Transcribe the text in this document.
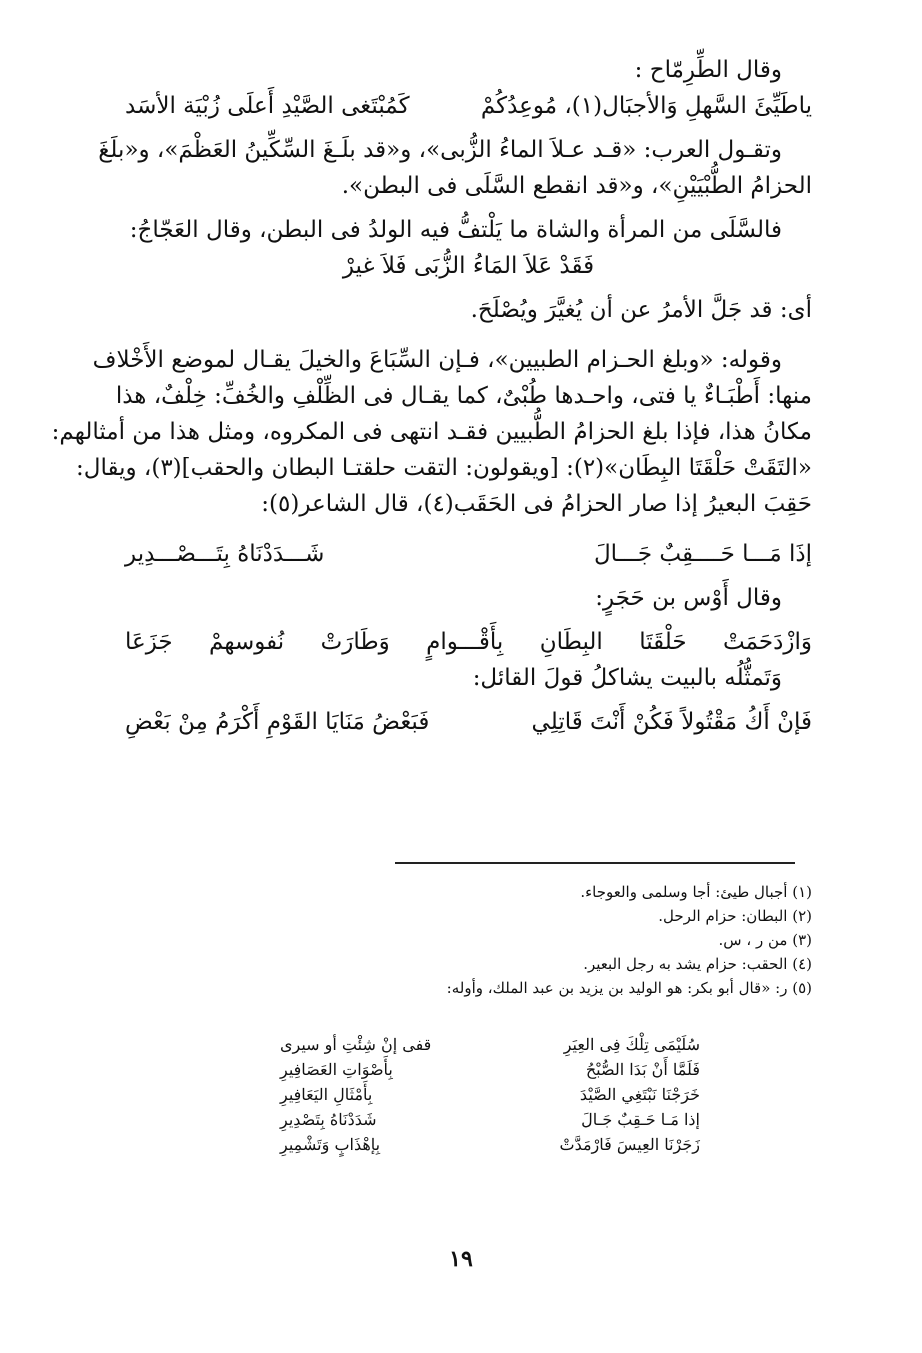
وقال الطِّرِمّاح :
ياطَيِّئَ السَّهلِ وَالأجبَال(١)، مُوعِدُكُمْ
كَمُبْتَغى الصَّيْدِ أَعلَى زُبْيَة الأسَد
وتقـول العرب: «قـد عـلاَ الماءُ الزُّبى»، و«قد بلَـغَ السِّكِّينُ العَظْمَ»، و«بلَغَ
الحزامُ الطُّبْيَيْنِ»، و«قد انقطع السَّلَى فى البطن».
فالسَّلَى من المرأة والشاة ما يَلْتفُّ فيه الولدُ فى البطن، وقال العَجّاجُ:
فَقَدْ عَلاَ المَاءُ الزُّبَى فَلاَ غيرْ
أى: قد جَلَّ الأمرُ عن أن يُغيَّرَ ويُصْلَحَ.
وقوله: «وبلغ الحـزام الطبيين»، فـإن السِّبَاعَ والخيلَ يقـال لموضع الأَخْلاف
منها: أَطْبَـاءٌ يا فتى، واحـدها طُبْىٌ، كما يقـال فى الظِّلْفِ والخُفِّ: خِلْفٌ، هذا
مكانُ هذا، فإذا بلغ الحزامُ الطُّبيين فقـد انتهى فى المكروه، ومثل هذا من أمثالهم:
«التَقَتْ حَلْقَتَا البِطَان»(٢): [ويقولون: التقت حلقتـا البطان والحقب](٣)، ويقال:
حَقِبَ البعيرُ إذا صار الحزامُ فى الحَقَب(٤)، قال الشاعر(٥):
إذَا مَـــا حَــــقِبٌ جَـــالَ
شَـــدَدْنَاهُ بِتَـــصْـــدِير
وقال أَوْس بن حَجَرٍ:
وَازْدَحَمَتْ حَلْقَتَا البِطَانِ بِأَقْـــوامٍ وَطَارَتْ نُفوسهمْ جَزَعَا
وَتَمثُّلُه بالبيت يشاكلُ قولَ القائل:
فَإنْ أَكُ مَقْتُولاً فَكُنْ أَنْتَ قَاتِلِي
فَبَعْضُ مَنَايَا القَوْمِ أَكْرَمُ مِنْ بَعْضِ
(١) أجبال طيئ: أجا وسلمى والعوجاء.
(٢) البطان: حزام الرحل.
(٣) من ر ، س.
(٤) الحقب: حزام يشد به رجل البعير.
(٥) ر: «قال أبو بكر: هو الوليد بن يزيد بن عبد الملك، وأوله:
سُلَيْمَى تِلْكَ فِى العِيَرِ
قفى إنْ شِئْتِ أو سيرى
فَلَمَّا أَنْ بَدَا الصُّبْحُ
بِأَصْوَاتِ العَصَافِيرِ
خَرَجْنَا نَبْتَغِي الصَّيْدَ
بِأَمْثَالِ اليَعَافِيرِ
إذا مَـا حَـقِبٌ جَـالَ
شَدَدْنَاهُ بِتَصْدِيرِ
زَجَرْنَا العِيسَ فَارْمَدَّتْ
بِإهْذَابٍ وَتَشْمِيرِ
١٩
